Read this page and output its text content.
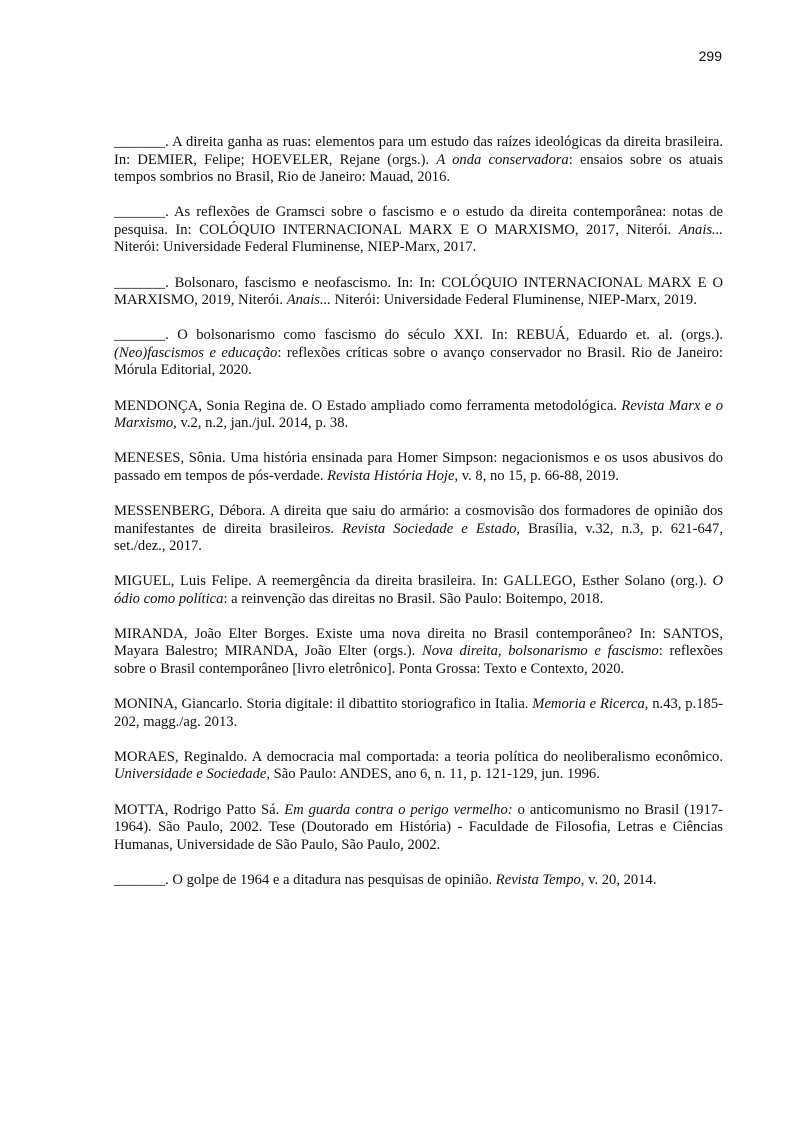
299

_______. A direita ganha as ruas: elementos para um estudo das raízes ideológicas da direita brasileira. In: DEMIER, Felipe; HOEVELER, Rejane (orgs.). A onda conservadora: ensaios sobre os atuais tempos sombrios no Brasil, Rio de Janeiro: Mauad, 2016.

_______. As reflexões de Gramsci sobre o fascismo e o estudo da direita contemporânea: notas de pesquisa. In: COLÓQUIO INTERNACIONAL MARX E O MARXISMO, 2017, Niterói. Anais... Niterói: Universidade Federal Fluminense, NIEP-Marx, 2017.

_______. Bolsonaro, fascismo e neofascismo. In: In: COLÓQUIO INTERNACIONAL MARX E O MARXISMO, 2019, Niterói. Anais... Niterói: Universidade Federal Fluminense, NIEP-Marx, 2019.

_______. O bolsonarismo como fascismo do século XXI. In: REBUÁ, Eduardo et. al. (orgs.). (Neo)fascismos e educação: reflexões críticas sobre o avanço conservador no Brasil. Rio de Janeiro: Mórula Editorial, 2020.

MENDONÇA, Sonia Regina de. O Estado ampliado como ferramenta metodológica. Revista Marx e o Marxismo, v.2, n.2, jan./jul. 2014, p. 38.

MENESES, Sônia. Uma história ensinada para Homer Simpson: negacionismos e os usos abusivos do passado em tempos de pós-verdade. Revista História Hoje, v. 8, no 15, p. 66-88, 2019.

MESSENBERG, Débora. A direita que saiu do armário: a cosmovisão dos formadores de opinião dos manifestantes de direita brasileiros. Revista Sociedade e Estado, Brasília, v.32, n.3, p. 621-647, set./dez., 2017.

MIGUEL, Luis Felipe. A reemergência da direita brasileira. In: GALLEGO, Esther Solano (org.). O ódio como política: a reinvenção das direitas no Brasil. São Paulo: Boitempo, 2018.

MIRANDA, João Elter Borges. Existe uma nova direita no Brasil contemporâneo? In: SANTOS, Mayara Balestro; MIRANDA, João Elter (orgs.). Nova direita, bolsonarismo e fascismo: reflexões sobre o Brasil contemporâneo [livro eletrônico]. Ponta Grossa: Texto e Contexto, 2020.

MONINA, Giancarlo. Storia digitale: il dibattito storiografico in Italia. Memoria e Ricerca, n.43, p.185-202, magg./ag. 2013.

MORAES, Reginaldo. A democracia mal comportada: a teoria política do neoliberalismo econômico. Universidade e Sociedade, São Paulo: ANDES, ano 6, n. 11, p. 121-129, jun. 1996.

MOTTA, Rodrigo Patto Sá. Em guarda contra o perigo vermelho: o anticomunismo no Brasil (1917-1964). São Paulo, 2002. Tese (Doutorado em História) - Faculdade de Filosofia, Letras e Ciências Humanas, Universidade de São Paulo, São Paulo, 2002.

_______. O golpe de 1964 e a ditadura nas pesquisas de opinião. Revista Tempo, v. 20, 2014.
